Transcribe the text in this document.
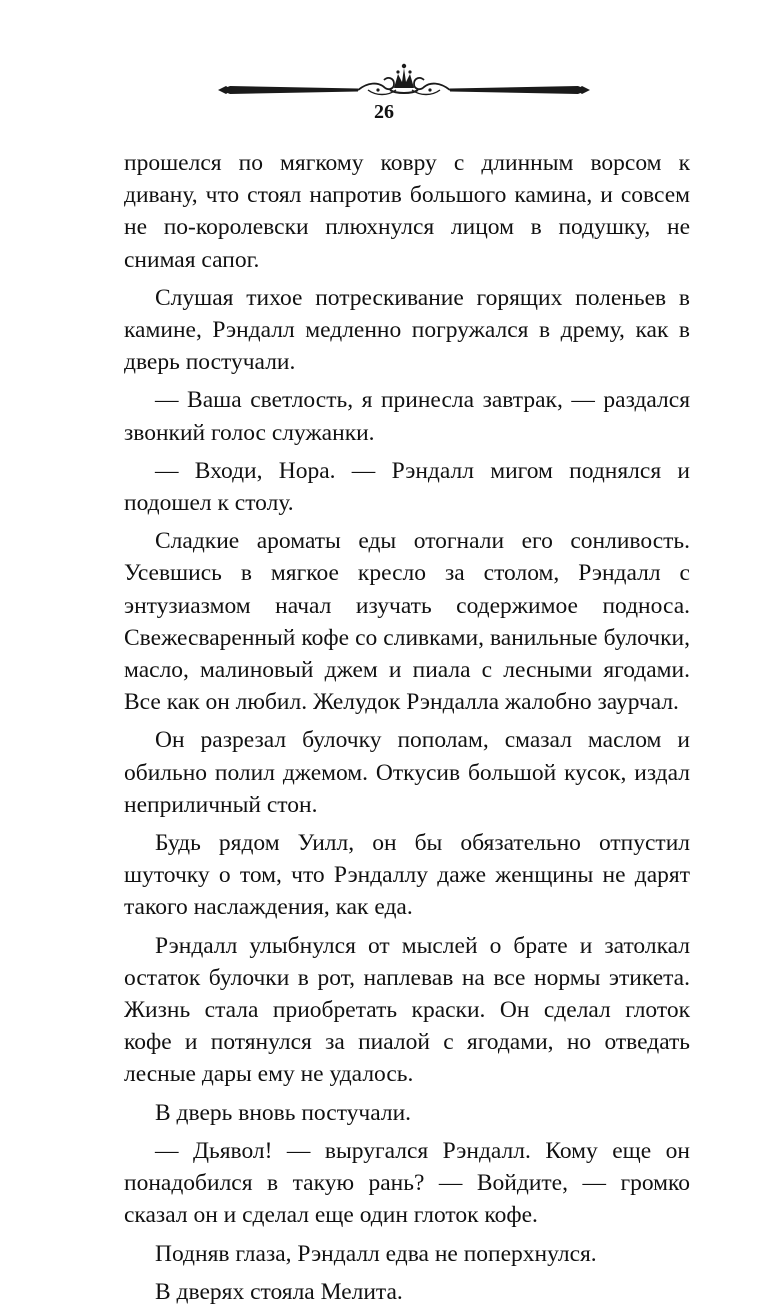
26

прошелся по мягкому ковру с длинным ворсом к дивану, что стоял напротив большого камина, и совсем не по-королевски плюхнулся лицом в подушку, не снимая сапог.

Слушая тихое потрескивание горящих поленьев в камине, Рэндалл медленно погружался в дрему, как в дверь постучали.

— Ваша светлость, я принесла завтрак, — раздался звонкий голос служанки.

— Входи, Нора. — Рэндалл мигом поднялся и подошел к столу.

Сладкие ароматы еды отогнали его сонливость. Усевшись в мягкое кресло за столом, Рэндалл с энтузиазмом начал изучать содержимое подноса. Свежесваренный кофе со сливками, ванильные булочки, масло, малиновый джем и пиала с лесными ягодами. Все как он любил. Желудок Рэндалла жалобно заурчал.

Он разрезал булочку пополам, смазал маслом и обильно полил джемом. Откусив большой кусок, издал неприличный стон.

Будь рядом Уилл, он бы обязательно отпустил шуточку о том, что Рэндаллу даже женщины не дарят такого наслаждения, как еда.

Рэндалл улыбнулся от мыслей о брате и затолкал остаток булочки в рот, наплевав на все нормы этикета. Жизнь стала приобретать краски. Он сделал глоток кофе и потянулся за пиалой с ягодами, но отведать лесные дары ему не удалось.

В дверь вновь постучали.

— Дьявол! — выругался Рэндалл. Кому еще он понадобился в такую рань? — Войдите, — громко сказал он и сделал еще один глоток кофе.

Подняв глаза, Рэндалл едва не поперхнулся.

В дверях стояла Мелита.
